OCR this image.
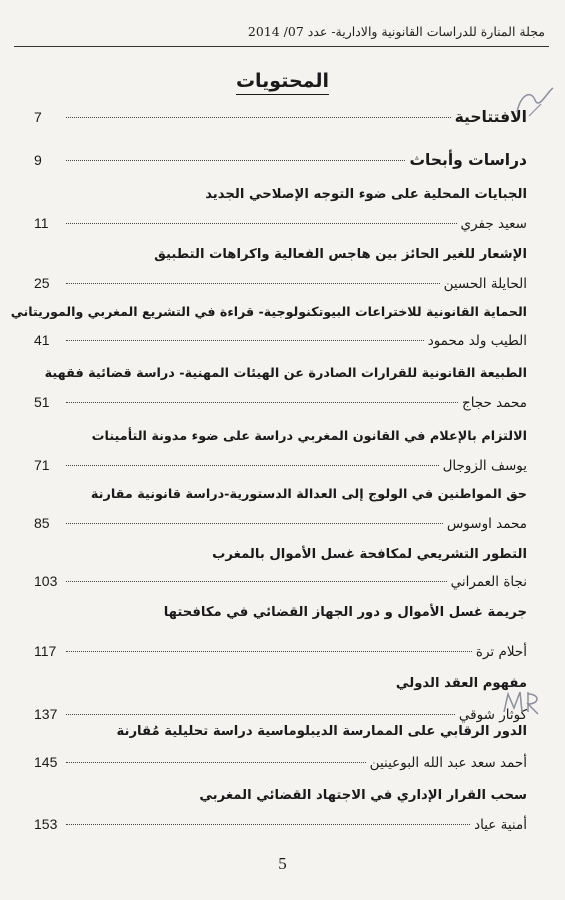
مجلة المنارة للدراسات القانونية والادارية- عدد 07/ 2014
المحتويات
الافتتاحية
7
دراسات وأبحاث
9
الجبايات المحلية على ضوء التوجه الإصلاحي الجديد
سعيد جفري
11
الإشعار للغير الحائز بين هاجس الفعالية واكراهات التطبيق
الحايلة الحسين
25
الحماية القانونية للاختراعات البيوتكنولوجية- قراءة في التشريع المغربي والموريتاني
الطيب ولد محمود
41
الطبيعة القانونية للقرارات الصادرة عن الهيئات المهنية- دراسة قضائية فقهية
محمد حجاج
51
الالتزام بالإعلام في القانون المغربي دراسة على ضوء مدونة التأمينات
يوسف الزوجال
71
حق المواطنين في الولوج إلى العدالة الدستورية-دراسة قانونية مقارنة
محمد اوسوس
85
التطور التشريعي لمكافحة غسل الأموال بالمغرب
نجاة العمراني
103
جريمة غسل الأموال و دور الجهاز القضائي في مكافحتها
أحلام ترة
117
مفهوم العقد الدولي
كوثار شوقي
137
الدور الرقابي على الممارسة الديبلوماسية دراسة تحليلية مُقارنة
أحمد سعد عبد الله البوعينين
145
سحب القرار الإداري في الاجتهاد القضائي المغربي
أمنية عياد
153
5
